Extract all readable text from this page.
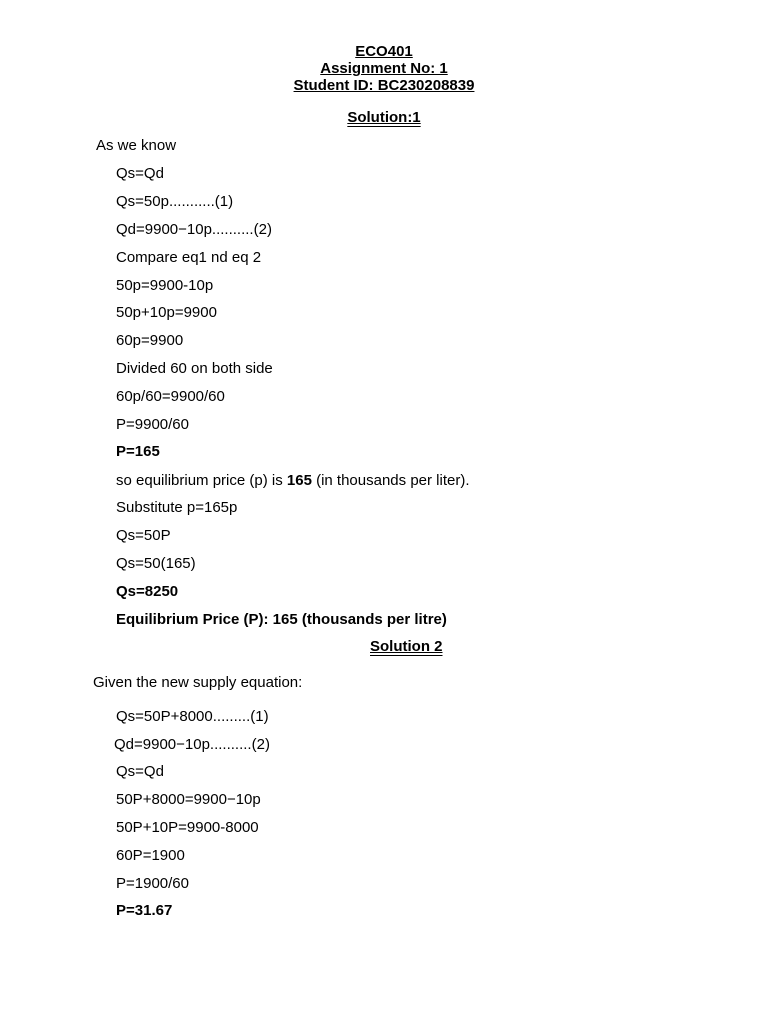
ECO401
Assignment No: 1
Student ID: BC230208839
Solution:1
As we know
Qs=Qd
Qs=50p...........(1)
Qd=9900−10p..........(2)
Compare eq1 nd eq 2
50p=9900-10p
50p+10p=9900
60p=9900
Divided 60 on both side
60p/60=9900/60
P=9900/60
P=165
so equilibrium price (p) is 165 (in thousands per liter).
Substitute p=165p
Qs=50P
Qs=50(165)
Qs=8250
Equilibrium Price (P): 165 (thousands per litre)
Solution 2
Given the new supply equation:
Qs=50P+8000.........(1)
Qd=9900−10p..........(2)
Qs=Qd
50P+8000=9900−10p
50P+10P=9900-8000
60P=1900
P=1900/60
P=31.67
